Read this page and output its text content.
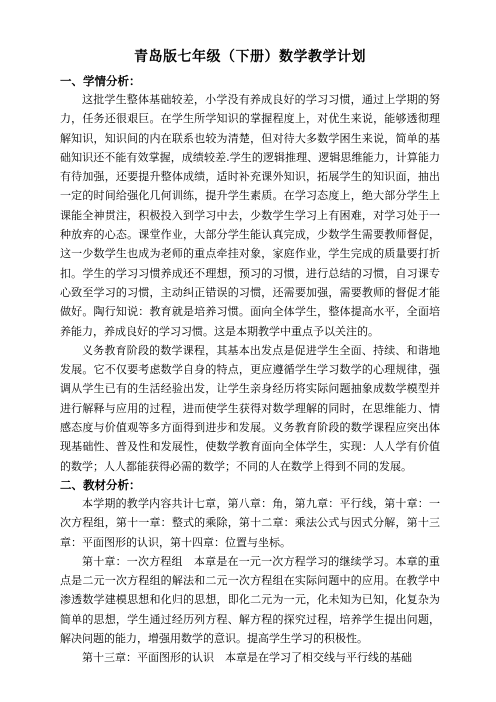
青岛版七年级（下册）数学教学计划
一、学情分析：

这批学生整体基础较差，小学没有养成良好的学习习惯，通过上学期的努力，任务还很艰巨。在学生所学知识的掌握程度上，对优生来说，能够透彻理解知识，知识间的内在联系也较为清楚，但对待大多数学困生来说，简单的基础知识还不能有效掌握，成绩较差.学生的逻辑推理、逻辑思维能力，计算能力有待加强，还要提升整体成绩，适时补充课外知识，拓展学生的知识面，抽出一定的时间给强化几何训练，提升学生素质。在学习态度上，绝大部分学生上课能全神贯注，积极投入到学习中去，少数学生学习上有困难，对学习处于一种放弃的心态。课堂作业，大部分学生能认真完成，少数学生需要教师督促，这一少数学生也成为老师的重点牵挂对象，家庭作业，学生完成的质量要打折扣。学生的学习习惯养成还不理想，预习的习惯，进行总结的习惯，自习课专心致至学习的习惯，主动纠正错误的习惯，还需要加强，需要教师的督促才能做好。陶行知说：教育就是培养习惯。面向全体学生，整体提高水平，全面培养能力，养成良好的学习习惯。这是本期教学中重点予以关注的。

义务教育阶段的数学课程，其基本出发点是促进学生全面、持续、和谐地发展。它不仅要考虑数学自身的特点，更应遵循学生学习数学的心理规律，强调从学生已有的生活经验出发，让学生亲身经历将实际问题抽象成数学模型并进行解释与应用的过程，进而使学生获得对数学理解的同时，在思维能力、情感态度与价值观等多方面得到进步和发展。义务教育阶段的数学课程应突出体现基础性、普及性和发展性，使数学教育面向全体学生，实现：人人学有价值的数学；人人都能获得必需的数学；不同的人在数学上得到不同的发展。

二、教材分析：

本学期的教学内容共计七章，第八章：角，第九章：平行线，第十章：一次方程组，第十一章：整式的乘除，第十二章：乘法公式与因式分解，第十三章：平面图形的认识，第十四章：位置与坐标。

第十章：一次方程组　本章是在一元一次方程学习的继续学习。本章的重点是二元一次方程组的解法和二元一次方程组在实际问题中的应用。在教学中渗透数学建模思想和化归的思想，即化二元为一元，化未知为已知，化复杂为简单的思想，学生通过经历列方程、解方程的探究过程，培养学生提出问题，解决问题的能力，增强用数学的意识。提高学生学习的积极性。

第十三章：平面图形的认识　本章是在学习了相交线与平行线的基础
